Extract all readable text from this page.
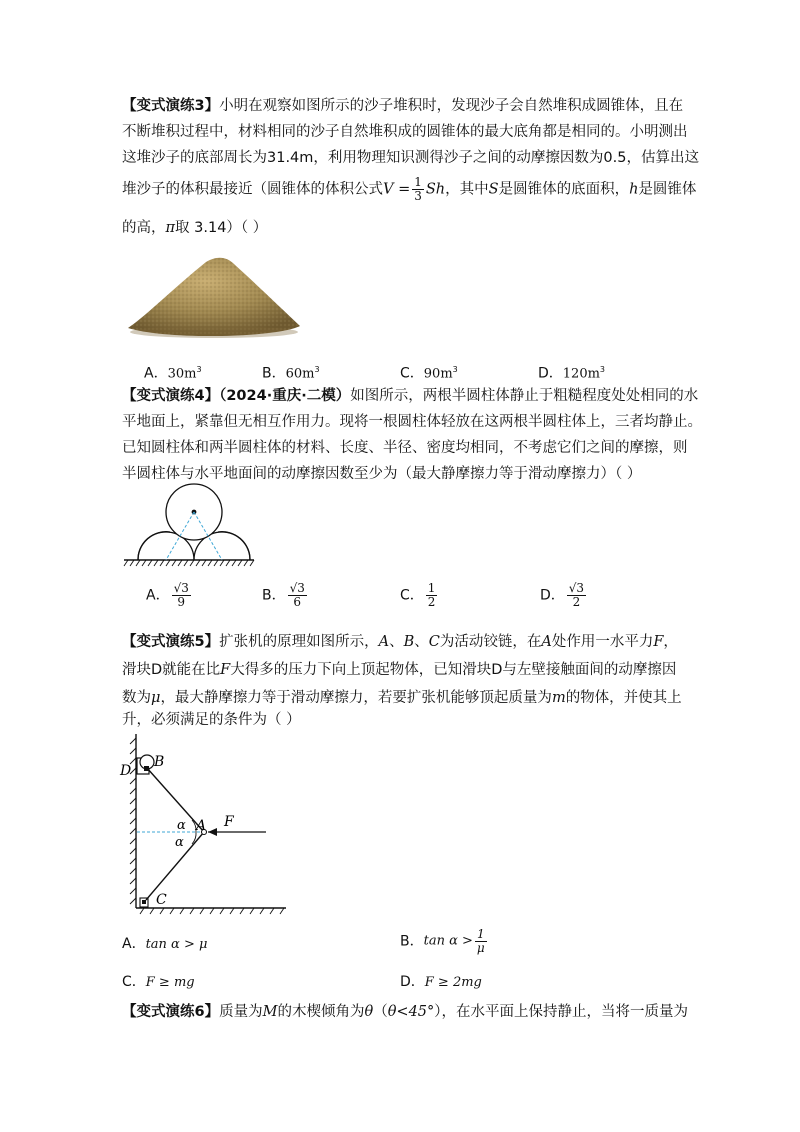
【变式演练3】小明在观察如图所示的沙子堆积时，发现沙子会自然堆积成圆锥体，且在
不断堆积过程中，材料相同的沙子自然堆积成的圆锥体的最大底角都是相同的。小明测出
这堆沙子的底部周长为31.4m，利用物理知识测得沙子之间的动摩擦因数为0.5，估算出这
堆沙子的体积最接近（圆锥体的体积公式$V = \frac{1}{3}$ Sh，其中S是圆锥体的底面积，h是圆锥体
的高，π取 3.14）（ ）
A．$30m^3$	B．$60m^3$	C．$90m^3$	D．$120m^3$
【变式演练4】（2024·重庆·二模）如图所示，两根半圆柱体静止于粗糙程度处处相同的水
平地面上，紧靠但无相互作用力。现将一根圆柱体轻放在这两根半圆柱体上，三者均静止。
已知圆柱体和两半圆柱体的材料、长度、半径、密度均相同，不考虑它们之间的摩擦，则
半圆柱体与水平地面间的动摩擦因数至少为（最大静摩擦力等于滑动摩擦力）（ ）
A． $\frac{√3}{9}$	B． $\frac{√3}{6}$	C． $\frac{1}{2}$	D． $\frac{√3}{2}$
【变式演练5】扩张机的原理如图所示，A、B、C为活动铰链，在A处作用一水平力F，
滑块D就能在比F大得多的压力下向上顶起物体，已知滑块D与左壁接触面间的动摩擦因
数为μ，最大静摩擦力等于滑动摩擦力，若要扩张机能够顶起质量为m的物体，并使其上
升，必须满足的条件为（ ）
D
B
A F
C
α
α
A．tan α > μ	B．$\tan \alpha > \frac{1}{\mu}$
C．F ≥ mg	D．F ≥ 2mg
【变式演练6】质量为M的木楔倾角为θ（θ<45°），在水平面上保持静止，当将一质量为
